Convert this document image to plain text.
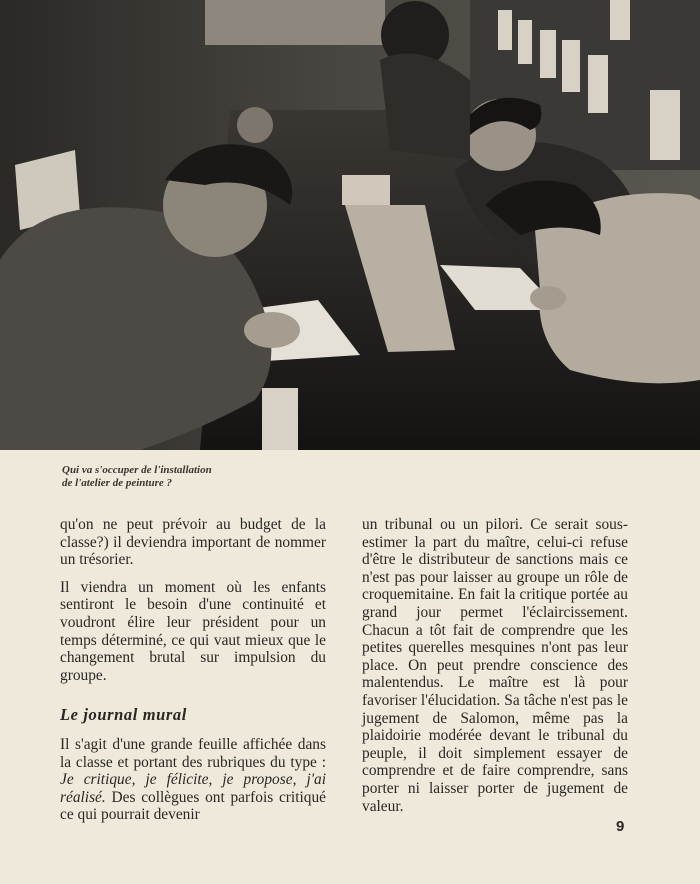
Qui va s'occuper de l'installation
de l'atelier de peinture ?

qu'on ne peut prévoir au budget de la classe?) il deviendra important de nommer un trésorier.

Il viendra un moment où les enfants sentiront le besoin d'une continuité et voudront élire leur président pour un temps déterminé, ce qui vaut mieux que le changement brutal sur impulsion du groupe.

Le journal mural

Il s'agit d'une grande feuille affichée dans la classe et portant des rubriques du type : Je critique, je félicite, je propose, j'ai réalisé. Des collègues ont parfois critiqué ce qui pourrait devenir

un tribunal ou un pilori. Ce serait sous-estimer la part du maître, celui-ci refuse d'être le distributeur de sanctions mais ce n'est pas pour laisser au groupe un rôle de croquemitaine. En fait la critique portée au grand jour permet l'éclaircissement. Chacun a tôt fait de comprendre que les petites querelles mesquines n'ont pas leur place. On peut prendre conscience des malentendus. Le maître est là pour favoriser l'élucidation. Sa tâche n'est pas le jugement de Salomon, même pas la plaidoirie modérée devant le tribunal du peuple, il doit simplement essayer de comprendre et de faire comprendre, sans porter ni laisser porter de jugement de valeur.

9
